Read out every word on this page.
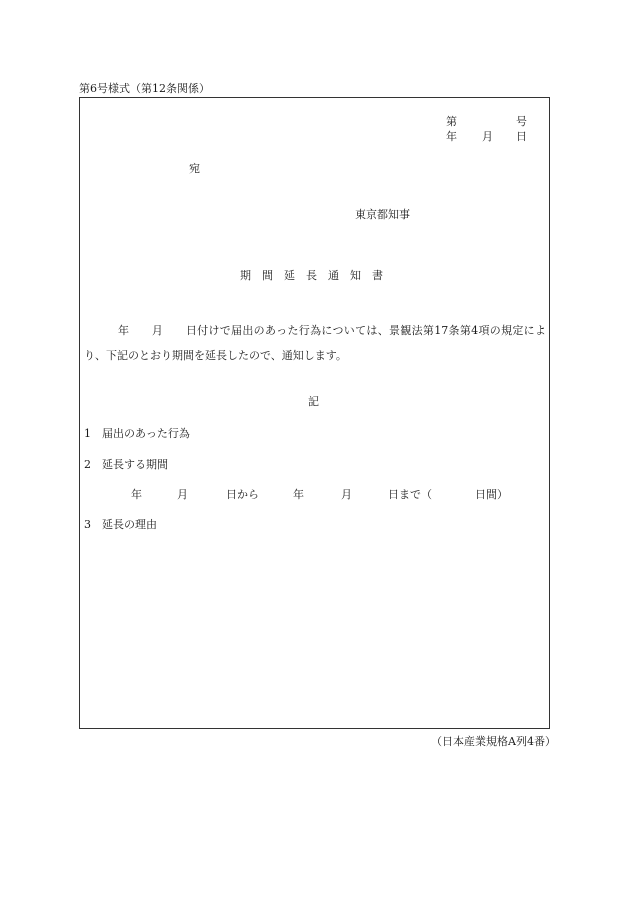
第6号様式（第12条関係）
第	号
年 月 日
宛
東京都知事
期間延長通知書
年　　月　　日付けで届出のあった行為については、景観法第17条第4項の規定により、下記のとおり期間を延長したので、通知します。
記
1　届出のあった行為
2　延長する期間
年	月	日から	年	月	日まで（	日間）
3　延長の理由
（日本産業規格A列4番）
